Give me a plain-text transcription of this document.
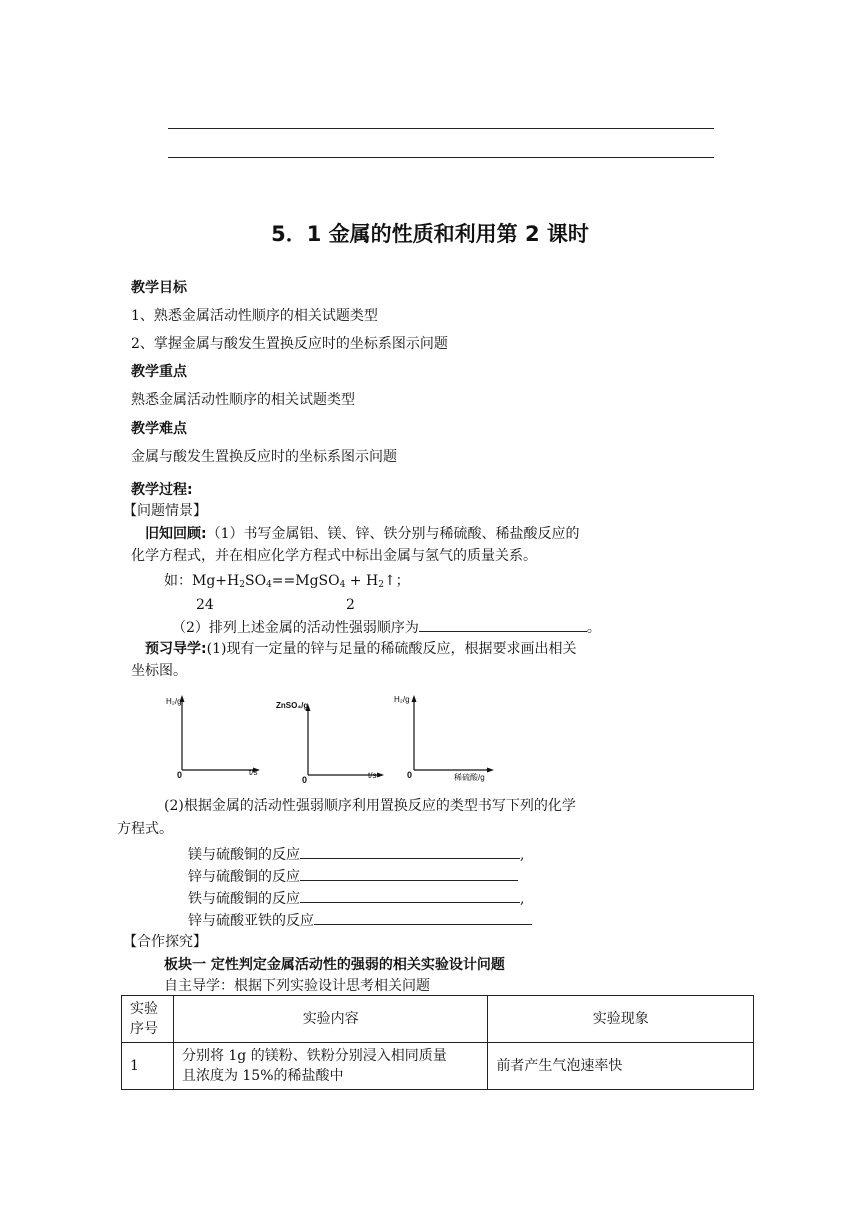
5．1 金属的性质和利用第 2 课时
教学目标
1、熟悉金属活动性顺序的相关试题类型
2、掌握金属与酸发生置换反应时的坐标系图示问题
教学重点
熟悉金属活动性顺序的相关试题类型
教学难点
金属与酸发生置换反应时的坐标系图示问题
教学过程:
【问题情景】
旧知回顾:（1）书写金属铝、镁、锌、铁分别与稀硫酸、稀盐酸反应的
化学方程式，并在相应化学方程式中标出金属与氢气的质量关系。
如：$Mg+H_2SO_4==MgSO_4$ + $H_2↑$；
24	2
（2）排列上述金属的活动性强弱顺序为	。
预习导学:(1)现有一定量的锌与足量的稀硫酸反应，根据要求画出相关
坐标图。
H₂/g
t/s
0
ZnSO₄/g
t/s
0
H₂/g
稀硫酸/g
0
(2)根据金属的活动性强弱顺序利用置换反应的类型书写下列的化学
方程式。
镁与硫酸铜的反应	,
锌与硫酸铜的反应
铁与硫酸铜的反应	,
锌与硫酸亚铁的反应
【合作探究】
板块一 定性判定金属活动性的强弱的相关实验设计问题
自主导学：根据下列实验设计思考相关问题
实验序号	实验内容	实验现象
1	分别将 1g 的镁粉、铁粉分别浸入相同质量
且浓度为 15%的稀盐酸中	前者产生气泡速率快
